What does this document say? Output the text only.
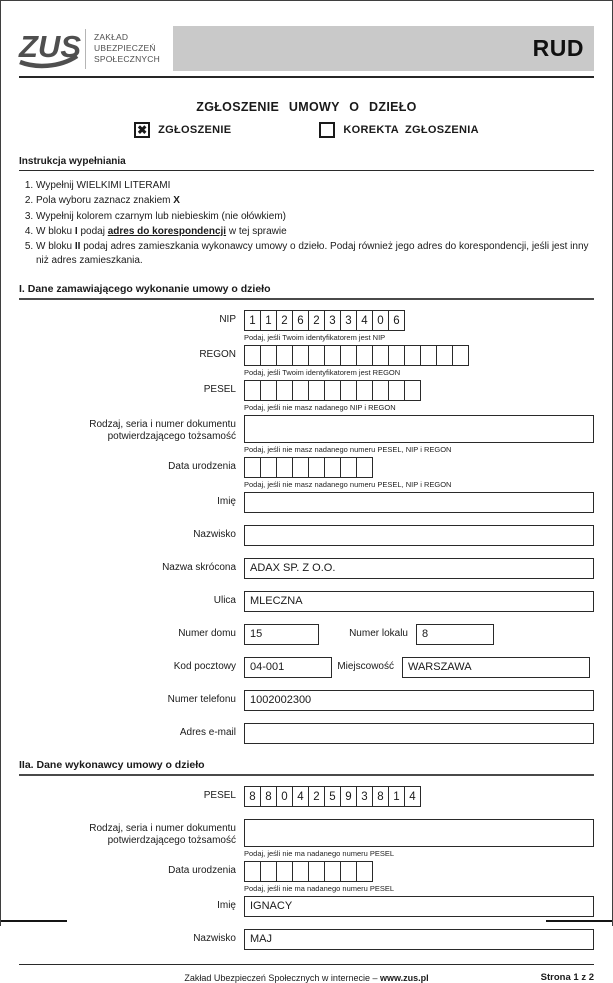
ZUS ZAKŁAD
UBEZPIECZEŃ
SPOŁECZNYCH	RUD
ZGŁOSZENIE UMOWY O DZIEŁO
✖ ZGŁOSZENIE	KOREKTA ZGŁOSZENIA
Instrukcja wypełniania
1. Wypełnij WIELKIMI LITERAMI
2. Pola wyboru zaznacz znakiem X
3. Wypełnij kolorem czarnym lub niebieskim (nie ołówkiem)
4. W bloku I podaj adres do korespondencji w tej sprawie
5. W bloku II podaj adres zamieszkania wykonawcy umowy o dzieło. Podaj również jego adres do korespondencji, jeśli jest inny niż adres zamieszkania.
I. Dane zamawiającego wykonanie umowy o dzieło
NIP	1 1 2 6 2 3 3 4 0 6
Podaj, jeśli Twoim identyfikatorem jest NIP
REGON
Podaj, jeśli Twoim identyfikatorem jest REGON
PESEL
Podaj, jeśli nie masz nadanego NIP i REGON
Rodzaj, seria i numer dokumentu potwierdzającego tożsamość
Podaj, jeśli nie masz nadanego numeru PESEL, NIP i REGON
Data urodzenia
Podaj, jeśli nie masz nadanego numeru PESEL, NIP i REGON
Imię
Nazwisko
Nazwa skrócona	ADAX SP. Z O.O.
Ulica	MLECZNA
Numer domu	15	Numer lokalu	8
Kod pocztowy	04-001	Miejscowość	WARSZAWA
Numer telefonu	1002002300
Adres e-mail
IIa. Dane wykonawcy umowy o dzieło
PESEL	8 8 0 4 2 5 9 3 8 1 4
Rodzaj, seria i numer dokumentu potwierdzającego tożsamość
Podaj, jeśli nie ma nadanego numeru PESEL
Data urodzenia
Podaj, jeśli nie ma nadanego numeru PESEL
Imię	IGNACY
Nazwisko	MAJ
Zakład Ubezpieczeń Społecznych w internecie – www.zus.pl	Strona 1 z 2
